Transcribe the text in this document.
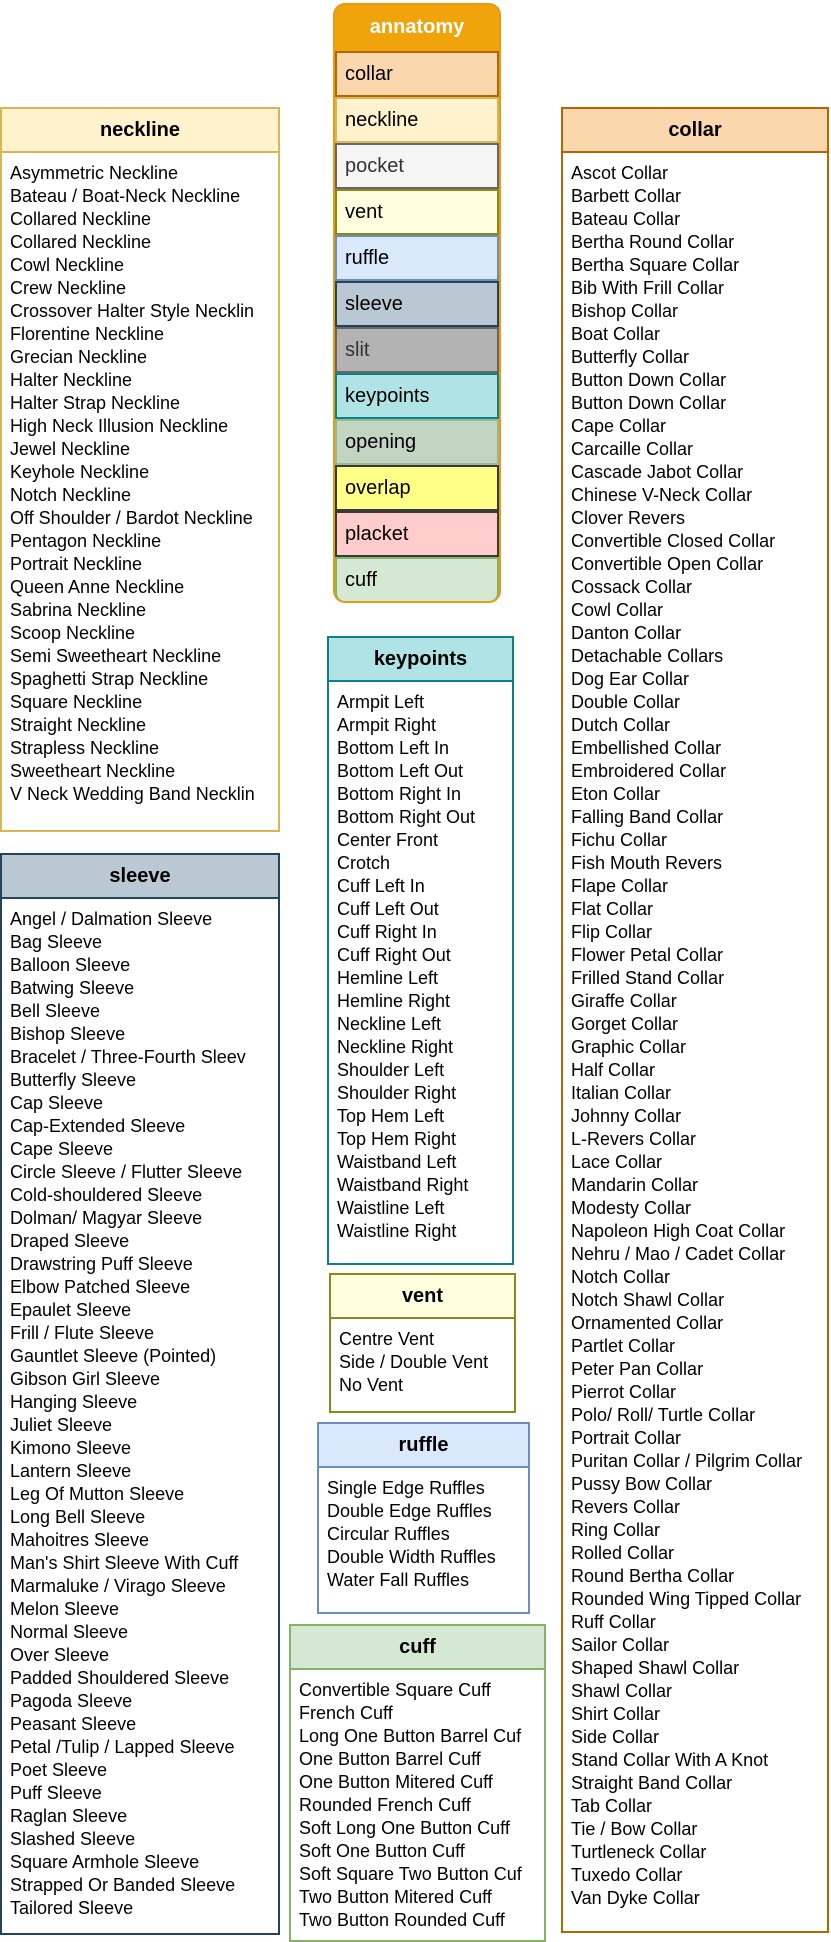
annatomy
collar
neckline
pocket
vent
ruffle
sleeve
slit
keypoints
opening
overlap
placket
cuff
neckline
Asymmetric Neckline
Bateau / Boat-Neck Neckline
Collared Neckline
Collared Neckline
Cowl Neckline
Crew Neckline
Crossover Halter Style Necklin
Florentine Neckline
Grecian Neckline
Halter Neckline
Halter Strap Neckline
High Neck Illusion Neckline
Jewel Neckline
Keyhole Neckline
Notch Neckline
Off Shoulder / Bardot Neckline
Pentagon Neckline
Portrait Neckline
Queen Anne Neckline
Sabrina Neckline
Scoop Neckline
Semi Sweetheart Neckline
Spaghetti Strap Neckline
Square Neckline
Straight Neckline
Strapless Neckline
Sweetheart Neckline
V Neck Wedding Band Necklin
sleeve
Angel / Dalmation Sleeve
Bag Sleeve
Balloon Sleeve
Batwing Sleeve
Bell Sleeve
Bishop Sleeve
Bracelet / Three-Fourth Sleev
Butterfly Sleeve
Cap Sleeve
Cap-Extended Sleeve
Cape Sleeve
Circle Sleeve / Flutter Sleeve
Cold-shouldered Sleeve
Dolman/ Magyar Sleeve
Draped Sleeve
Drawstring Puff Sleeve
Elbow Patched Sleeve
Epaulet Sleeve
Frill / Flute Sleeve
Gauntlet Sleeve (Pointed)
Gibson Girl Sleeve
Hanging Sleeve
Juliet Sleeve
Kimono Sleeve
Lantern Sleeve
Leg Of Mutton Sleeve
Long Bell Sleeve
Mahoitres Sleeve
Man's Shirt Sleeve With Cuff
Marmaluke / Virago Sleeve
Melon Sleeve
Normal Sleeve
Over Sleeve
Padded Shouldered Sleeve
Pagoda Sleeve
Peasant Sleeve
Petal /Tulip / Lapped Sleeve
Poet Sleeve
Puff Sleeve
Raglan Sleeve
Slashed Sleeve
Square Armhole Sleeve
Strapped Or Banded Sleeve
Tailored Sleeve
keypoints
Armpit Left
Armpit Right
Bottom Left In
Bottom Left Out
Bottom Right In
Bottom Right Out
Center Front
Crotch
Cuff Left In
Cuff Left Out
Cuff Right In
Cuff Right Out
Hemline Left
Hemline Right
Neckline Left
Neckline Right
Shoulder Left
Shoulder Right
Top Hem Left
Top Hem Right
Waistband Left
Waistband Right
Waistline Left
Waistline Right
vent
Centre Vent
Side / Double Vent
No Vent
ruffle
Single Edge Ruffles
Double Edge Ruffles
Circular Ruffles
Double Width Ruffles
Water Fall Ruffles
cuff
Convertible Square Cuff
French Cuff
Long One Button Barrel Cuf
One Button Barrel Cuff
One Button Mitered Cuff
Rounded French Cuff
Soft Long One Button Cuff
Soft One Button Cuff
Soft Square Two Button Cuf
Two Button Mitered Cuff
Two Button Rounded Cuff
collar
Ascot Collar
Barbett Collar
Bateau Collar
Bertha Round Collar
Bertha Square Collar
Bib With Frill Collar
Bishop Collar
Boat Collar
Butterfly Collar
Button Down Collar
Button Down Collar
Cape Collar
Carcaille Collar
Cascade Jabot Collar
Chinese V-Neck Collar
Clover Revers
Convertible Closed Collar
Convertible Open Collar
Cossack Collar
Cowl Collar
Danton Collar
Detachable Collars
Dog Ear Collar
Double Collar
Dutch Collar
Embellished Collar
Embroidered Collar
Eton Collar
Falling Band Collar
Fichu Collar
Fish Mouth Revers
Flape Collar
Flat Collar
Flip Collar
Flower Petal Collar
Frilled Stand Collar
Giraffe Collar
Gorget Collar
Graphic Collar
Half Collar
Italian Collar
Johnny Collar
L-Revers Collar
Lace Collar
Mandarin Collar
Modesty Collar
Napoleon High Coat Collar
Nehru / Mao / Cadet Collar
Notch Collar
Notch Shawl Collar
Ornamented Collar
Partlet Collar
Peter Pan Collar
Pierrot Collar
Polo/ Roll/ Turtle Collar
Portrait Collar
Puritan Collar / Pilgrim Collar
Pussy Bow Collar
Revers Collar
Ring Collar
Rolled Collar
Round Bertha Collar
Rounded Wing Tipped Collar
Ruff Collar
Sailor Collar
Shaped Shawl Collar
Shawl Collar
Shirt Collar
Side Collar
Stand Collar With A Knot
Straight Band Collar
Tab Collar
Tie / Bow Collar
Turtleneck Collar
Tuxedo Collar
Van Dyke Collar
